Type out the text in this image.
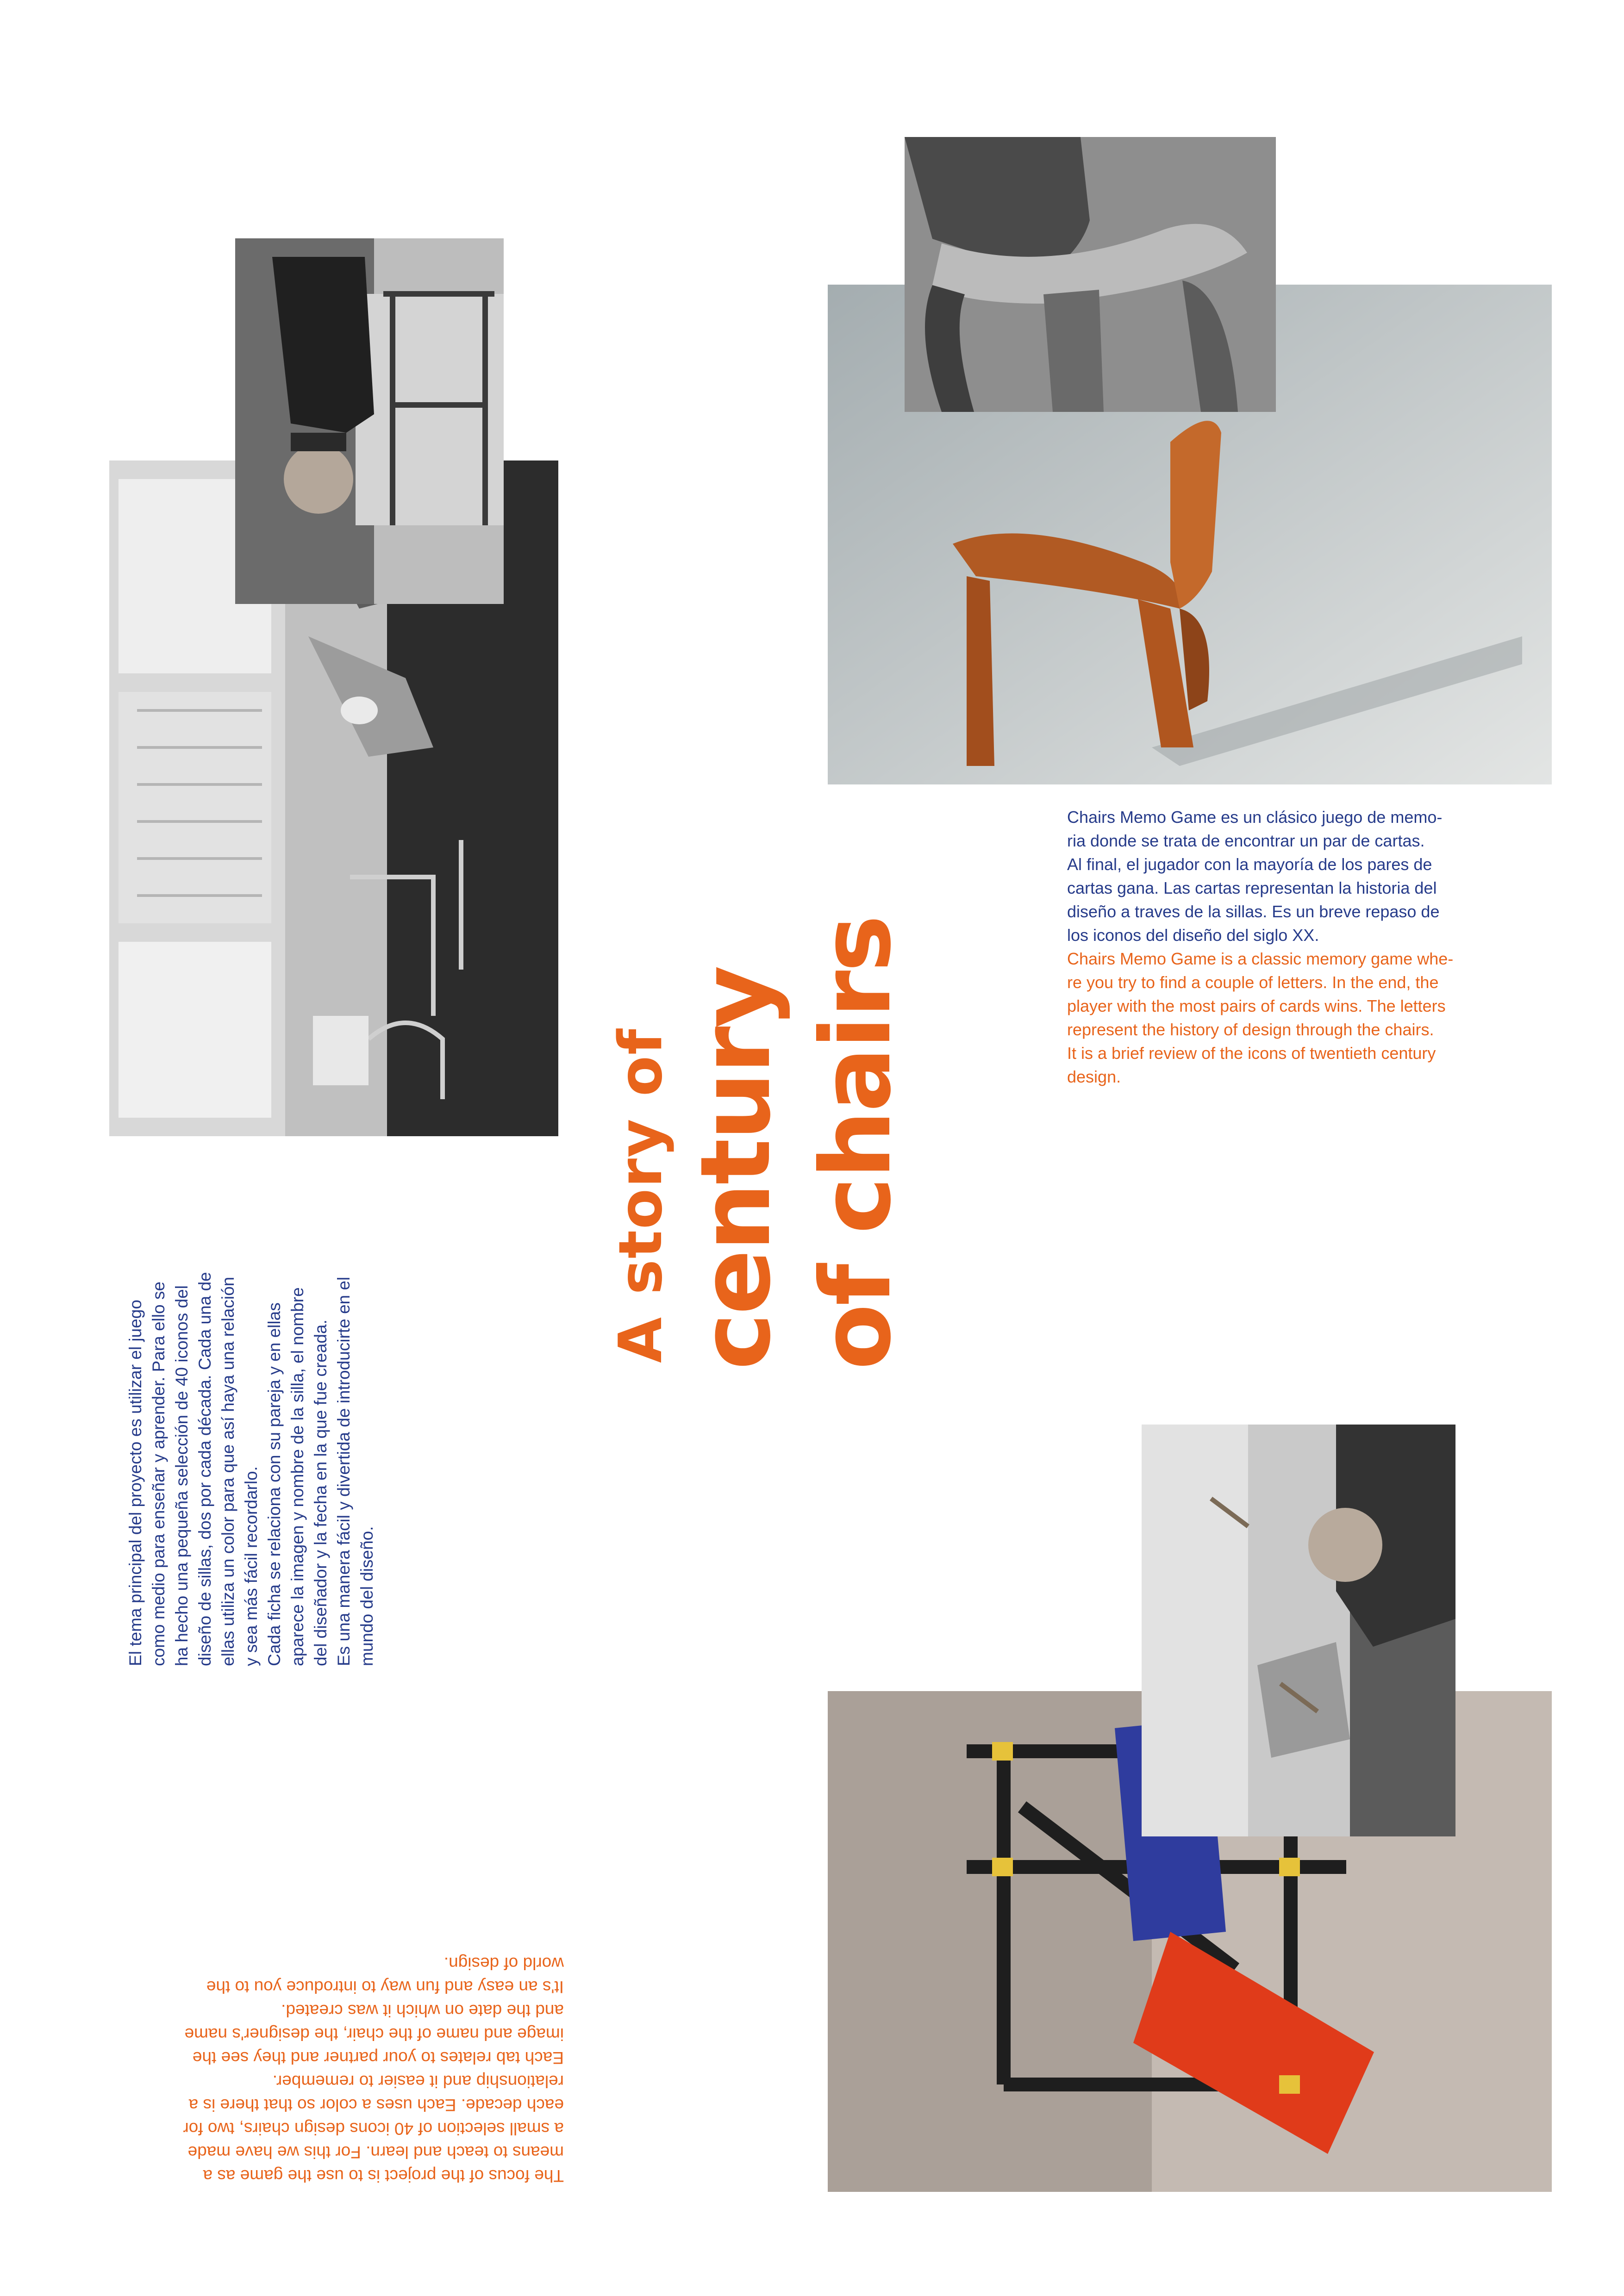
Chairs Memo Game es un clásico juego de memo-

ria donde se trata de encontrar un par de cartas.

Al final, el jugador con la mayoría de los pares de

cartas gana. Las cartas representan la historia del

diseño a traves de la sillas. Es un breve repaso de

los iconos del diseño del siglo XX.

Chairs Memo Game is a classic memory game whe-

re you try to find a couple of letters. In the end, the

player with the most pairs of cards wins. The letters

represent the history of design through the chairs.

It is a brief review of the icons of twentieth century

design.

A story of century of chairs

El tema principal del proyecto es utilizar el juego como medio para enseñar y aprender. Para ello se ha hecho una pequeña selección de 40 iconos del diseño de sillas, dos por cada década. Cada una de ellas utiliza un color para que así haya una relación y sea más fácil recordarlo. Cada ficha se relaciona con su pareja y en ellas aparece la imagen y nombre de la silla, el nombre del diseñador y la fecha en la que fue creada. Es una manera fácil y divertida de introducirte en el mundo del diseño.

The focus of the project is to use the game as a

means to teach and learn. For this we have made

a small selection of 40 icons design chairs, two for

each decade. Each uses a color so that there is a

relationship and it easier to remember.

Each tab relates to your partner and they see the

image and name of the chair, the designer's name

and the date on which it was created.

It's an easy and fun way to introduce you to the

world of design.
